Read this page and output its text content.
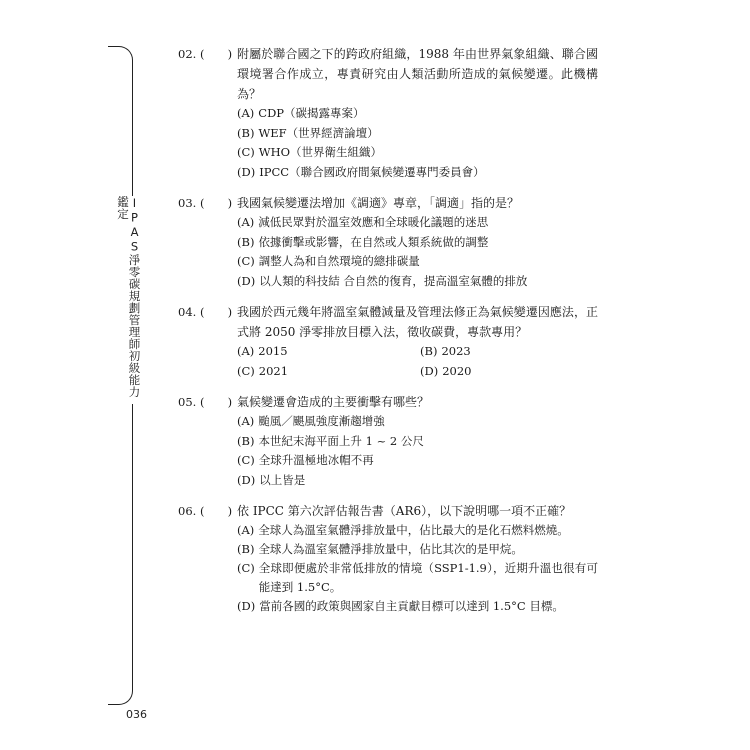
IPAS淨零碳規劃管理師初級能力鑑定
036
02. ( ) 附屬於聯合國之下的跨政府組織，1988 年由世界氣象組織、聯合國環境署合作成立，專責研究由人類活動所造成的氣候變遷。此機構為？
(A) CDP（碳揭露專案）
(B) WEF（世界經濟論壇）
(C) WHO（世界衛生組織）
(D) IPCC（聯合國政府間氣候變遷專門委員會）
03. ( ) 我國氣候變遷法增加《調適》專章，「調適」指的是？
(A) 減低民眾對於溫室效應和全球暖化議題的迷思
(B) 依據衝擊或影響，在自然或人類系統做的調整
(C) 調整人為和自然環境的總排碳量
(D) 以人類的科技結 合自然的復育，提高溫室氣體的排放
04. ( ) 我國於西元幾年將溫室氣體減量及管理法修正為氣候變遷因應法，正式將 2050 淨零排放目標入法，徵收碳費，專款專用？
(A) 2015	(B) 2023
(C) 2021	(D) 2020
05. ( ) 氣候變遷會造成的主要衝擊有哪些？
(A) 颱風／颶風強度漸趨增強
(B) 本世紀末海平面上升 1 ~ 2 公尺
(C) 全球升溫極地冰帽不再
(D) 以上皆是
06. ( ) 依 IPCC 第六次評估報告書（AR6），以下說明哪一項不正確？
(A) 全球人為溫室氣體淨排放量中，佔比最大的是化石燃料燃燒。
(B) 全球人為溫室氣體淨排放量中，佔比其次的是甲烷。
(C) 全球即便處於非常低排放的情境（SSP1-1.9），近期升溫也很有可能達到 1.5°C。
(D) 當前各國的政策與國家自主貢獻目標可以達到 1.5°C 目標。
